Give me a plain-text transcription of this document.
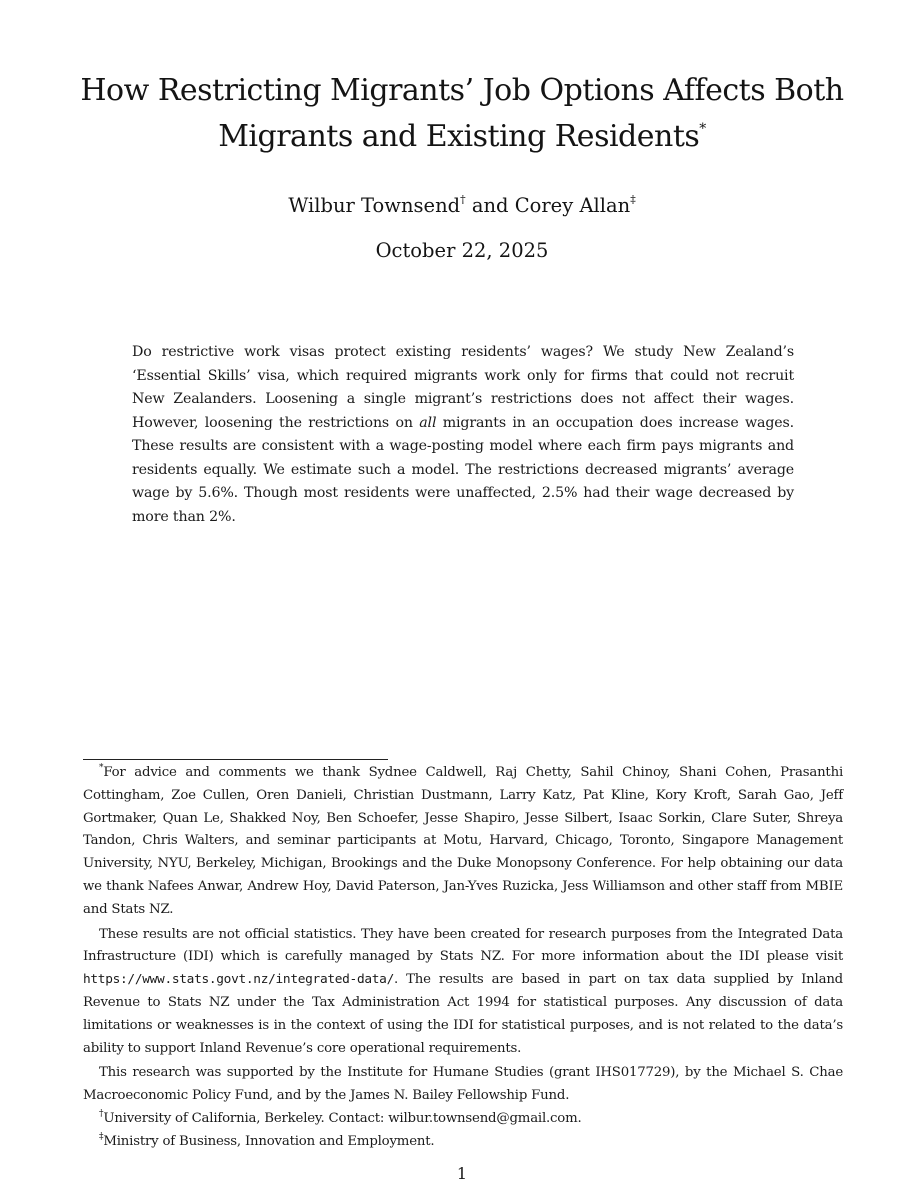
How Restricting Migrants’ Job Options Affects Both
Migrants and Existing Residents*
Wilbur Townsend† and Corey Allan‡
October 22, 2025
Do restrictive work visas protect existing residents’ wages? We study New Zealand’s ‘Essential Skills’ visa, which required migrants work only for firms that could not recruit New Zealanders. Loosening a single migrant’s restrictions does not affect their wages. However, loosening the restrictions on all migrants in an occupation does increase wages. These results are consistent with a wage-posting model where each firm pays migrants and residents equally. We estimate such a model. The restrictions decreased migrants’ average wage by 5.6%. Though most residents were unaffected, 2.5% had their wage decreased by more than 2%.

*For advice and comments we thank Sydnee Caldwell, Raj Chetty, Sahil Chinoy, Shani Cohen, Prasanthi Cottingham, Zoe Cullen, Oren Danieli, Christian Dustmann, Larry Katz, Pat Kline, Kory Kroft, Sarah Gao, Jeff Gortmaker, Quan Le, Shakked Noy, Ben Schoefer, Jesse Shapiro, Jesse Silbert, Isaac Sorkin, Clare Suter, Shreya Tandon, Chris Walters, and seminar participants at Motu, Harvard, Chicago, Toronto, Singapore Management University, NYU, Berkeley, Michigan, Brookings and the Duke Monopsony Conference. For help obtaining our data we thank Nafees Anwar, Andrew Hoy, David Paterson, Jan-Yves Ruzicka, Jess Williamson and other staff from MBIE and Stats NZ.

These results are not official statistics. They have been created for research purposes from the Integrated Data Infrastructure (IDI) which is carefully managed by Stats NZ. For more information about the IDI please visit https://www.stats.govt.nz/integrated-data/. The results are based in part on tax data supplied by Inland Revenue to Stats NZ under the Tax Administration Act 1994 for statistical purposes. Any discussion of data limitations or weaknesses is in the context of using the IDI for statistical purposes, and is not related to the data’s ability to support Inland Revenue’s core operational requirements.

This research was supported by the Institute for Humane Studies (grant IHS017729), by the Michael S. Chae Macroeconomic Policy Fund, and by the James N. Bailey Fellowship Fund.

†University of California, Berkeley. Contact: wilbur.townsend@gmail.com.

‡Ministry of Business, Innovation and Employment.

1
